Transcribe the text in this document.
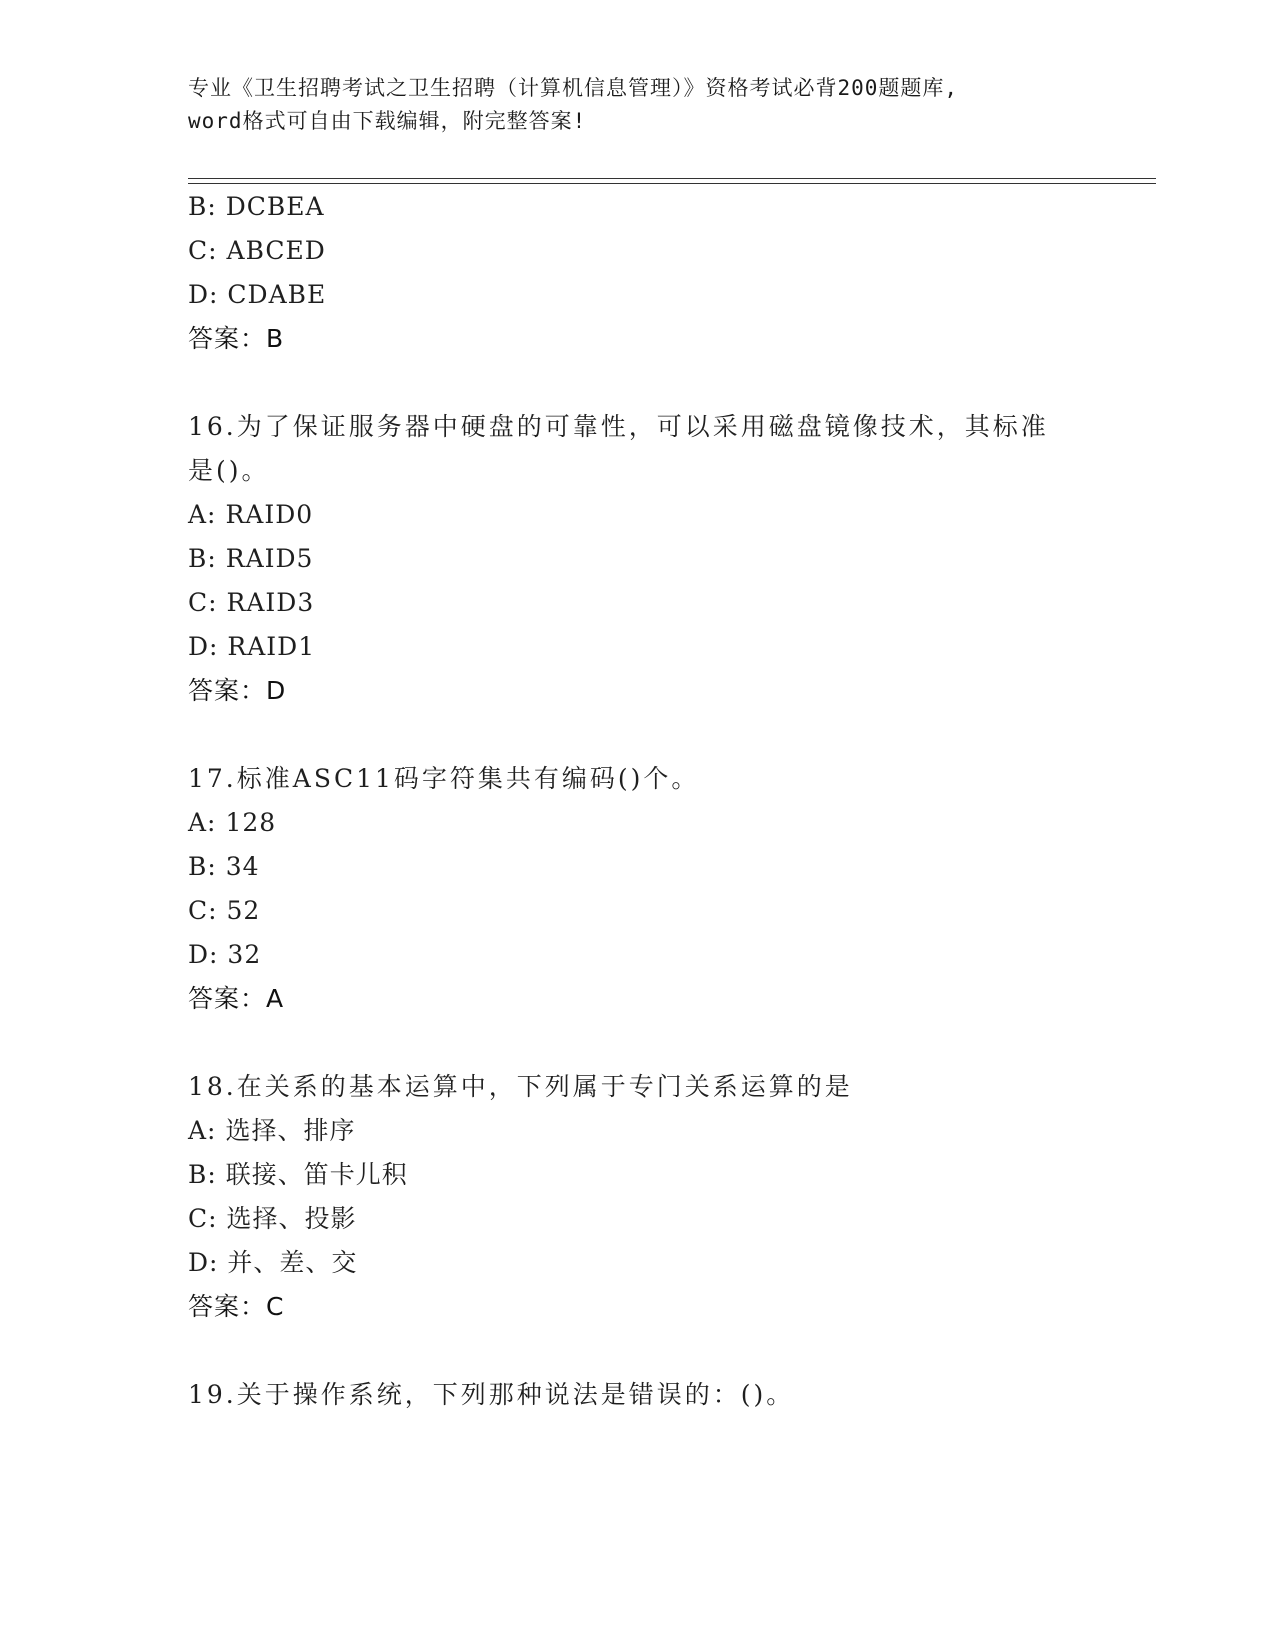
专业《卫生招聘考试之卫生招聘（计算机信息管理）》资格考试必背200题题库,
word格式可自由下载编辑，附完整答案!
B: DCBEA
C: ABCED
D: CDABE
答案：B
16.为了保证服务器中硬盘的可靠性，可以采用磁盘镜像技术，其标准
是()。
A: RAID0
B: RAID5
C: RAID3
D: RAID1
答案：D
17.标准ASC11码字符集共有编码()个。
A: 128
B: 34
C: 52
D: 32
答案：A
18.在关系的基本运算中，下列属于专门关系运算的是
A: 选择、排序
B: 联接、笛卡儿积
C: 选择、投影
D: 并、差、交
答案：C
19.关于操作系统，下列那种说法是错误的：()。
